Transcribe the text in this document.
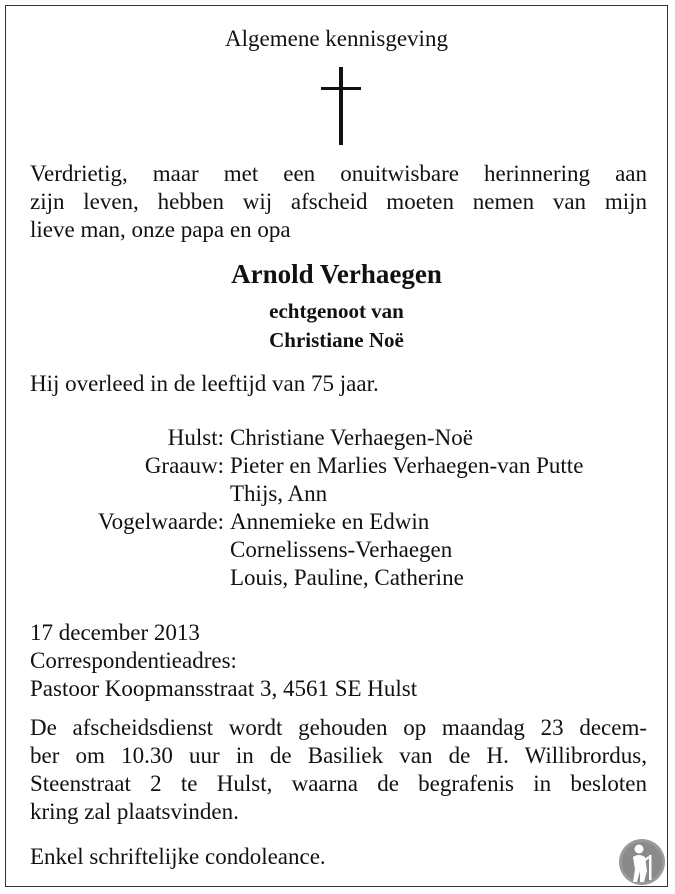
Algemene kennisgeving
Verdrietig, maar met een onuitwisbare herinnering aan
zijn leven, hebben wij afscheid moeten nemen van mijn
lieve man, onze papa en opa
Arnold Verhaegen
echtgenoot van
Christiane Noë
Hij overleed in de leeftijd van 75 jaar.
Hulst: Christiane Verhaegen-Noë
Graauw: Pieter en Marlies Verhaegen-van Putte
Thijs, Ann
Vogelwaarde: Annemieke en Edwin
Cornelissens-Verhaegen
Louis, Pauline, Catherine
17 december 2013
Correspondentieadres:
Pastoor Koopmansstraat 3, 4561 SE Hulst
De afscheidsdienst wordt gehouden op maandag 23 decem-
ber om 10.30 uur in de Basiliek van de H. Willibrordus,
Steenstraat 2 te Hulst, waarna de begrafenis in besloten
kring zal plaatsvinden.
Enkel schriftelijke condoleance.
